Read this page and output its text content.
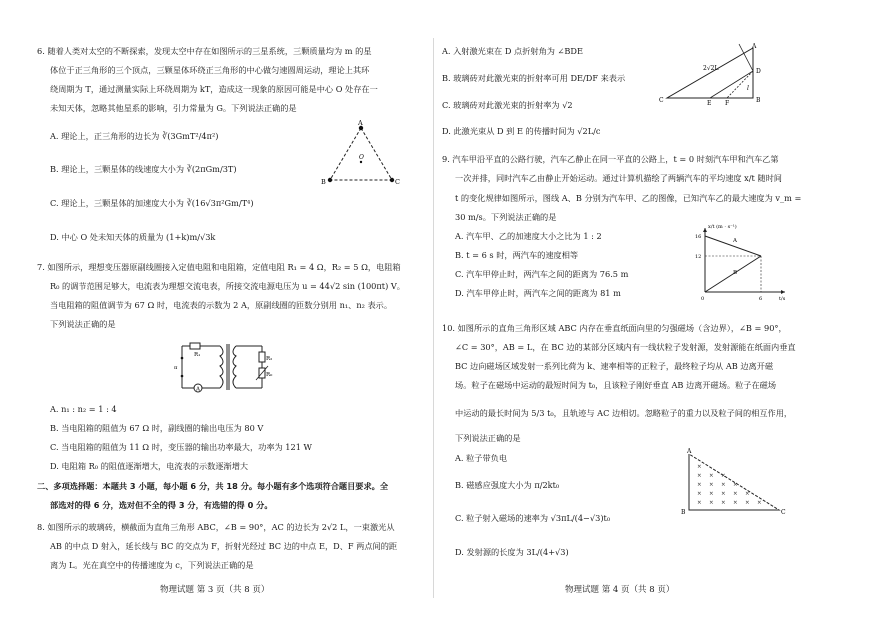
6. 随着人类对太空的不断探索，发现太空中存在如图所示的三星系统，三颗质量均为 m 的星
体位于正三角形的三个顶点，三颗星体环绕正三角形的中心做匀速圆周运动，理论上其环
绕周期为 T，通过测量实际上环绕周期为 kT，造成这一现象的原因可能是中心 O 处存在一
未知天体，忽略其他星系的影响，引力常量为 G。下列说法正确的是
A. 理论上，正三角形的边长为 ∛(3GmT²/4π²)
B. 理论上，三颗星体的线速度大小为 ∛(2πGm/3T)
C. 理论上，三颗星体的加速度大小为 ∛(16√3π²Gm/T⁴)
D. 中心 O 处未知天体的质量为 (1+k)m/√3k
A
B	C
O
7. 如图所示，理想变压器原副线圈接入定值电阻和电阻箱，定值电阻 R₁ = 4 Ω，R₂ = 5 Ω，电阻箱
R₀ 的调节范围足够大，电流表为理想交流电表，所接交流电源电压为 u = 44√2 sin (100πt) V。
当电阻箱的阻值调节为 67 Ω 时，电流表的示数为 2 A，原副线圈的匝数分别用 n₁、n₂ 表示。
下列说法正确的是
A
R₁
R₂
R₀
u
A. n₁ : n₂ = 1 : 4
B. 当电阻箱的阻值为 67 Ω 时，副线圈的输出电压为 80 V
C. 当电阻箱的阻值为 11 Ω 时，变压器的输出功率最大，功率为 121 W
D. 电阻箱 R₀ 的阻值逐渐增大，电流表的示数逐渐增大
二、多项选择题：本题共 3 小题，每小题 6 分，共 18 分。每小题有多个选项符合题目要求。全
部选对的得 6 分，选对但不全的得 3 分，有选错的得 0 分。
8. 如图所示的玻璃砖，横截面为直角三角形 ABC，∠B = 90°，AC 的边长为 2√2 L，一束激光从
AB 的中点 D 射入，延长线与 BC 的交点为 F，折射光经过 BC 边的中点 E，D、F 两点间的距
离为 L。光在真空中的传播速度为 c，下列说法正确的是
物理试题 第 3 页（共 8 页）
A. 入射激光束在 D 点折射角为 ∠BDE
B. 玻璃砖对此激光束的折射率可用 DE/DF 来表示
C. 玻璃砖对此激光束的折射率为 √2
D. 此激光束从 D 到 E 的传播时间为 √2L/c
C	B
A
D
E F
2√2L
l
9. 汽车甲沿平直的公路行驶，汽车乙静止在同一平直的公路上，t = 0 时刻汽车甲和汽车乙第
一次并排，同时汽车乙由静止开始运动。通过计算机描绘了两辆汽车的平均速度 x/t 随时间
t 的变化规律如图所示，图线 A、B 分别为汽车甲、乙的图像，已知汽车乙的最大速度为 v_m =
30 m/s。下列说法正确的是
A. 汽车甲、乙的加速度大小之比为 1 : 2
B. t = 6 s 时，两汽车的速度相等
C. 汽车甲停止时，两汽车之间的距离为 76.5 m
D. 汽车甲停止时，两汽车之间的距离为 81 m
x/t (m · s⁻¹)
t/s
16
12
6
0
A
B
10. 如图所示的直角三角形区域 ABC 内存在垂直纸面向里的匀强磁场（含边界），∠B = 90°，
∠C = 30°，AB = L，在 BC 边的某部分区域内有一线状粒子发射源，发射源能在纸面内垂直
BC 边向磁场区域发射一系列比荷为 k、速率相等的正粒子，最终粒子均从 AB 边离开磁
场。粒子在磁场中运动的最短时间为 t₀，且该粒子刚好垂直 AB 边离开磁场。粒子在磁场
中运动的最长时间为 5/3 t₀，且轨迹与 AC 边相切。忽略粒子的重力以及粒子间的相互作用，
下列说法正确的是
A. 粒子带负电
B. 磁感应强度大小为 π/2kt₀
C. 粒子射入磁场的速率为 √3πL/(4−√3)t₀
D. 发射源的长度为 3L/(4+√3)
×
× × ×
× × × ×
× × × × ×
× × × × × ×
A
B	C
物理试题 第 4 页（共 8 页）
